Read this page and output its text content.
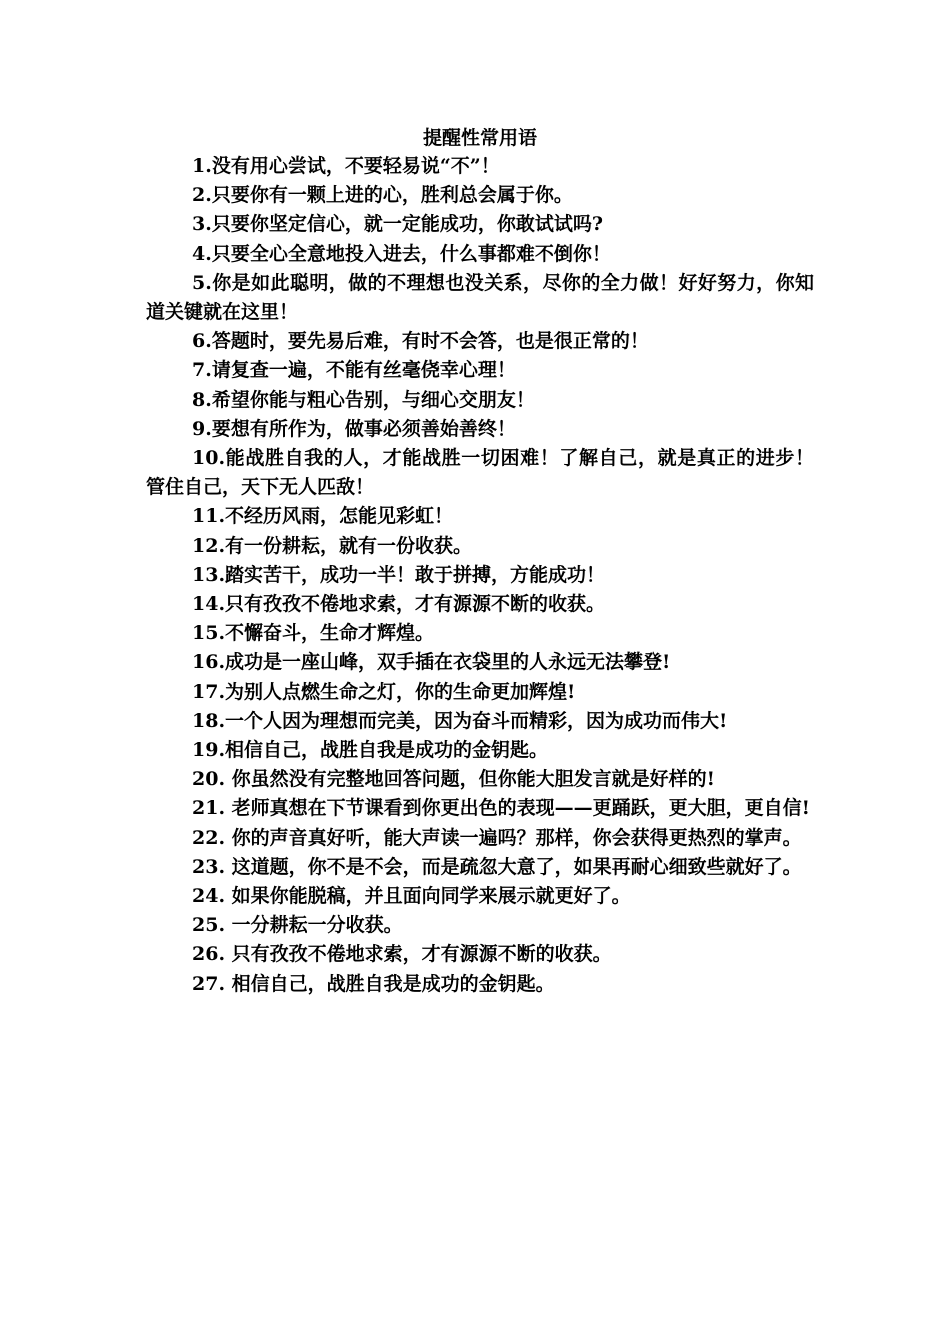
提醒性常用语

1.没有用心尝试，不要轻易说“不”！

2.只要你有一颗上进的心，胜利总会属于你。

3.只要你坚定信心，就一定能成功，你敢试试吗?

4.只要全心全意地投入进去，什么事都难不倒你！

5.你是如此聪明，做的不理想也没关系，尽你的全力做！好好努力，你知道关键就在这里！

6.答题时，要先易后难，有时不会答，也是很正常的！

7.请复查一遍，不能有丝毫侥幸心理！

8.希望你能与粗心告别，与细心交朋友！

9.要想有所作为，做事必须善始善终！

10.能战胜自我的人，才能战胜一切困难！了解自己，就是真正的进步！管住自己，天下无人匹敌！

11.不经历风雨，怎能见彩虹！

12.有一份耕耘，就有一份收获。

13.踏实苦干，成功一半！敢于拼搏，方能成功！

14.只有孜孜不倦地求索，才有源源不断的收获。

15.不懈奋斗，生命才辉煌。

16.成功是一座山峰，双手插在衣袋里的人永远无法攀登!

17.为别人点燃生命之灯，你的生命更加辉煌!

18.一个人因为理想而完美，因为奋斗而精彩，因为成功而伟大!

19.相信自己，战胜自我是成功的金钥匙。

20. 你虽然没有完整地回答问题，但你能大胆发言就是好样的!

21. 老师真想在下节课看到你更出色的表现——更踊跃，更大胆，更自信!

22. 你的声音真好听，能大声读一遍吗？那样，你会获得更热烈的掌声。

23. 这道题，你不是不会，而是疏忽大意了，如果再耐心细致些就好了。

24. 如果你能脱稿，并且面向同学来展示就更好了。

25. 一分耕耘一分收获。

26. 只有孜孜不倦地求索，才有源源不断的收获。

27. 相信自己，战胜自我是成功的金钥匙。
